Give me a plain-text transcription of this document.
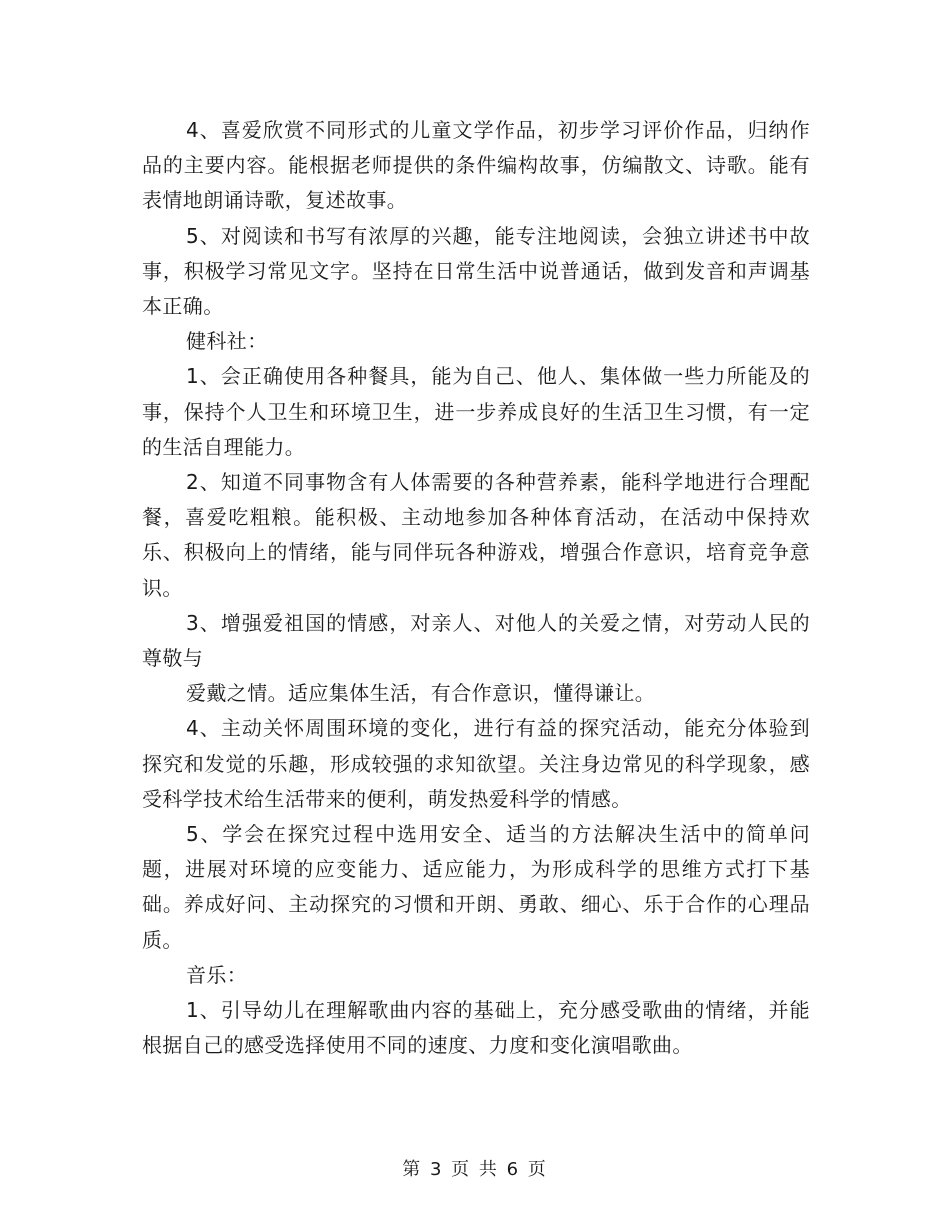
4、喜爱欣赏不同形式的儿童文学作品，初步学习评价作品，归纳作品的主要内容。能根据老师提供的条件编构故事，仿编散文、诗歌。能有表情地朗诵诗歌，复述故事。

5、对阅读和书写有浓厚的兴趣，能专注地阅读，会独立讲述书中故事，积极学习常见文字。坚持在日常生活中说普通话，做到发音和声调基本正确。

健科社：

1、会正确使用各种餐具，能为自己、他人、集体做一些力所能及的事，保持个人卫生和环境卫生，进一步养成良好的生活卫生习惯，有一定的生活自理能力。

2、知道不同事物含有人体需要的各种营养素，能科学地进行合理配餐，喜爱吃粗粮。能积极、主动地参加各种体育活动，在活动中保持欢乐、积极向上的情绪，能与同伴玩各种游戏，增强合作意识，培育竞争意识。

3、增强爱祖国的情感，对亲人、对他人的关爱之情，对劳动人民的尊敬与

爱戴之情。适应集体生活，有合作意识，懂得谦让。

4、主动关怀周围环境的变化，进行有益的探究活动，能充分体验到探究和发觉的乐趣，形成较强的求知欲望。关注身边常见的科学现象，感受科学技术给生活带来的便利，萌发热爱科学的情感。

5、学会在探究过程中选用安全、适当的方法解决生活中的简单问题，进展对环境的应变能力、适应能力，为形成科学的思维方式打下基础。养成好问、主动探究的习惯和开朗、勇敢、细心、乐于合作的心理品质。

音乐：

1、引导幼儿在理解歌曲内容的基础上，充分感受歌曲的情绪，并能根据自己的感受选择使用不同的速度、力度和变化演唱歌曲。

第 3 页 共 6 页
